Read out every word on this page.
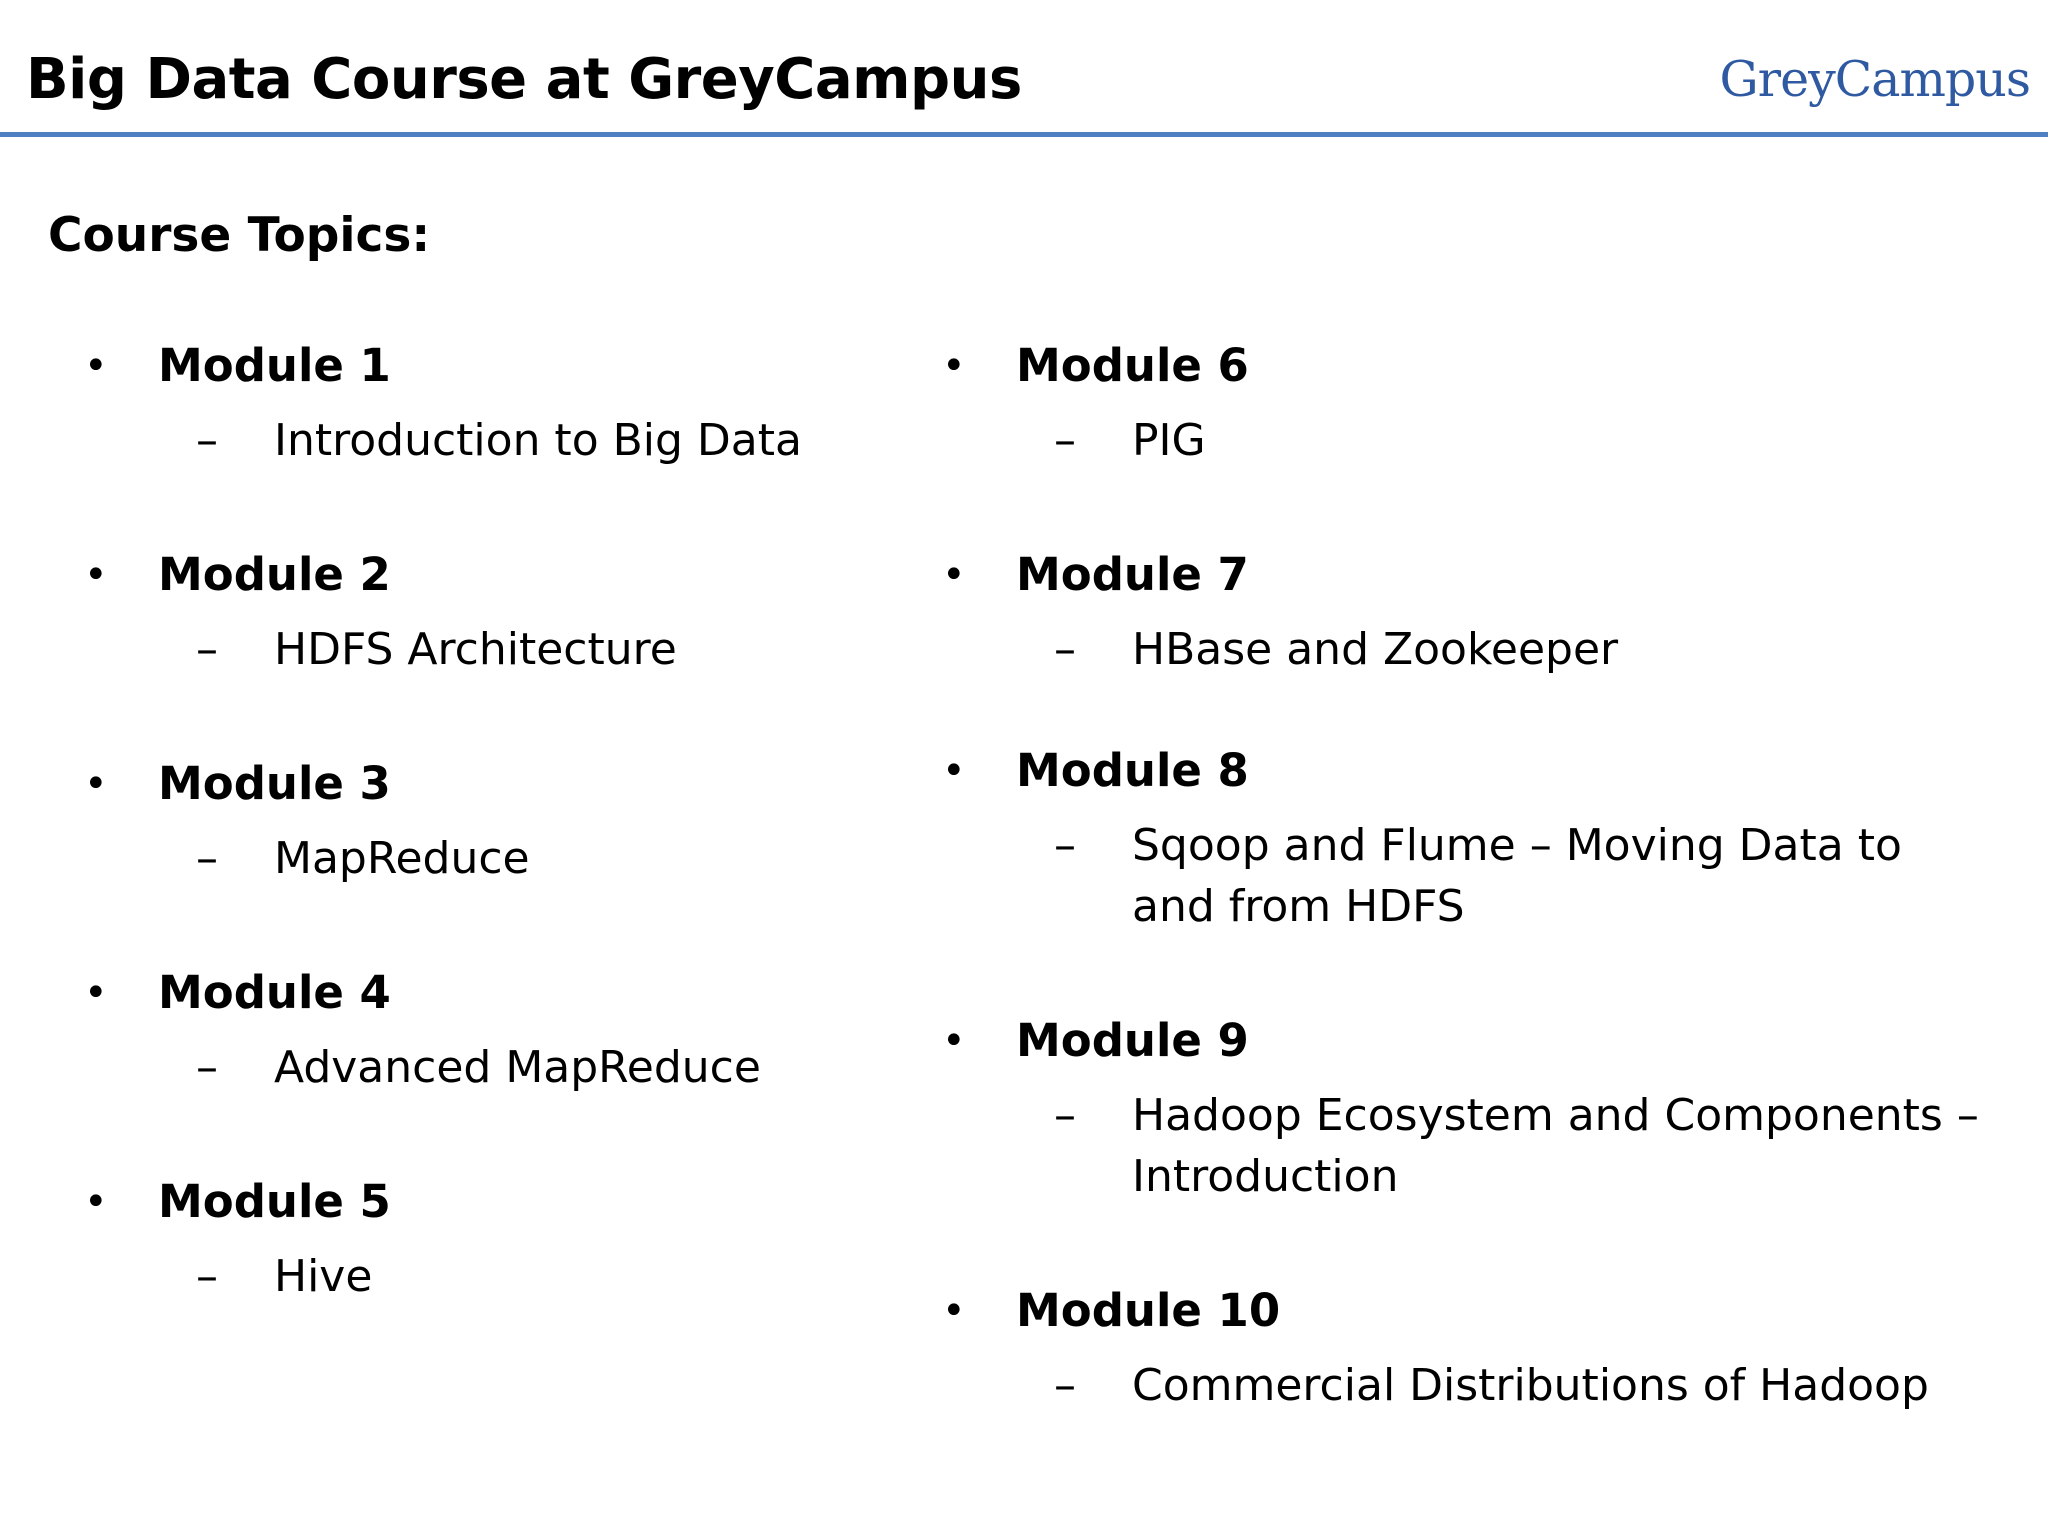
Big Data Course at GreyCampus	GreyCampus
Course Topics:
•	Module 1
–	Introduction to Big Data
•	Module 2
–	HDFS Architecture
•	Module 3
–	MapReduce
•	Module 4
–	Advanced MapReduce
•	Module 5
–	Hive
•	Module 6
–	PIG
•	Module 7
–	HBase and Zookeeper
•	Module 8
–	Sqoop and Flume – Moving Data to and from HDFS
•	Module 9
–	Hadoop Ecosystem and Components – Introduction
•	Module 10
–	Commercial Distributions of Hadoop
